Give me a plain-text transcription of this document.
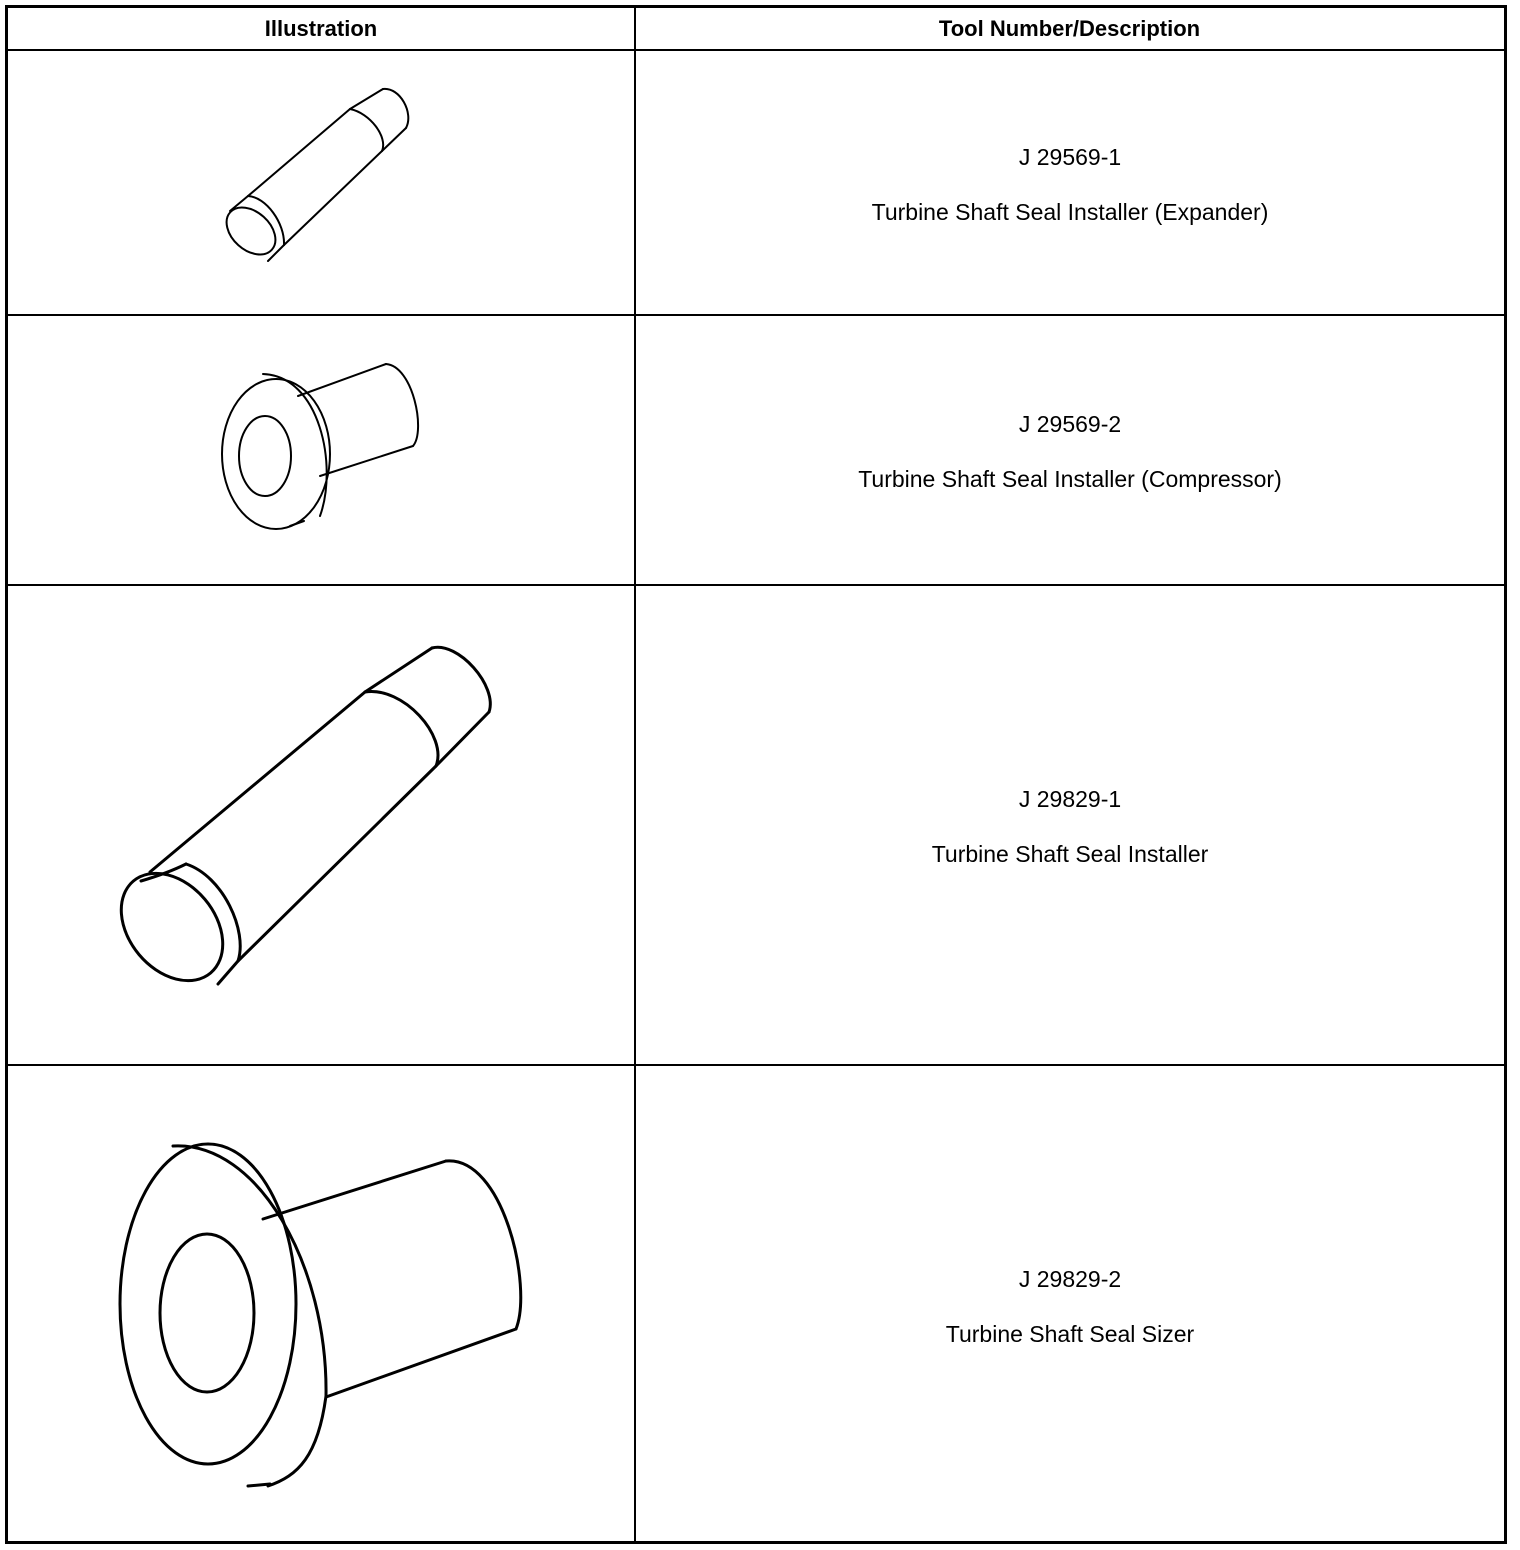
Illustration	Tool Number/Description
J 29569-1
Turbine Shaft Seal Installer (Expander)
J 29569-2
Turbine Shaft Seal Installer (Compressor)
J 29829-1
Turbine Shaft Seal Installer
J 29829-2
Turbine Shaft Seal Sizer
